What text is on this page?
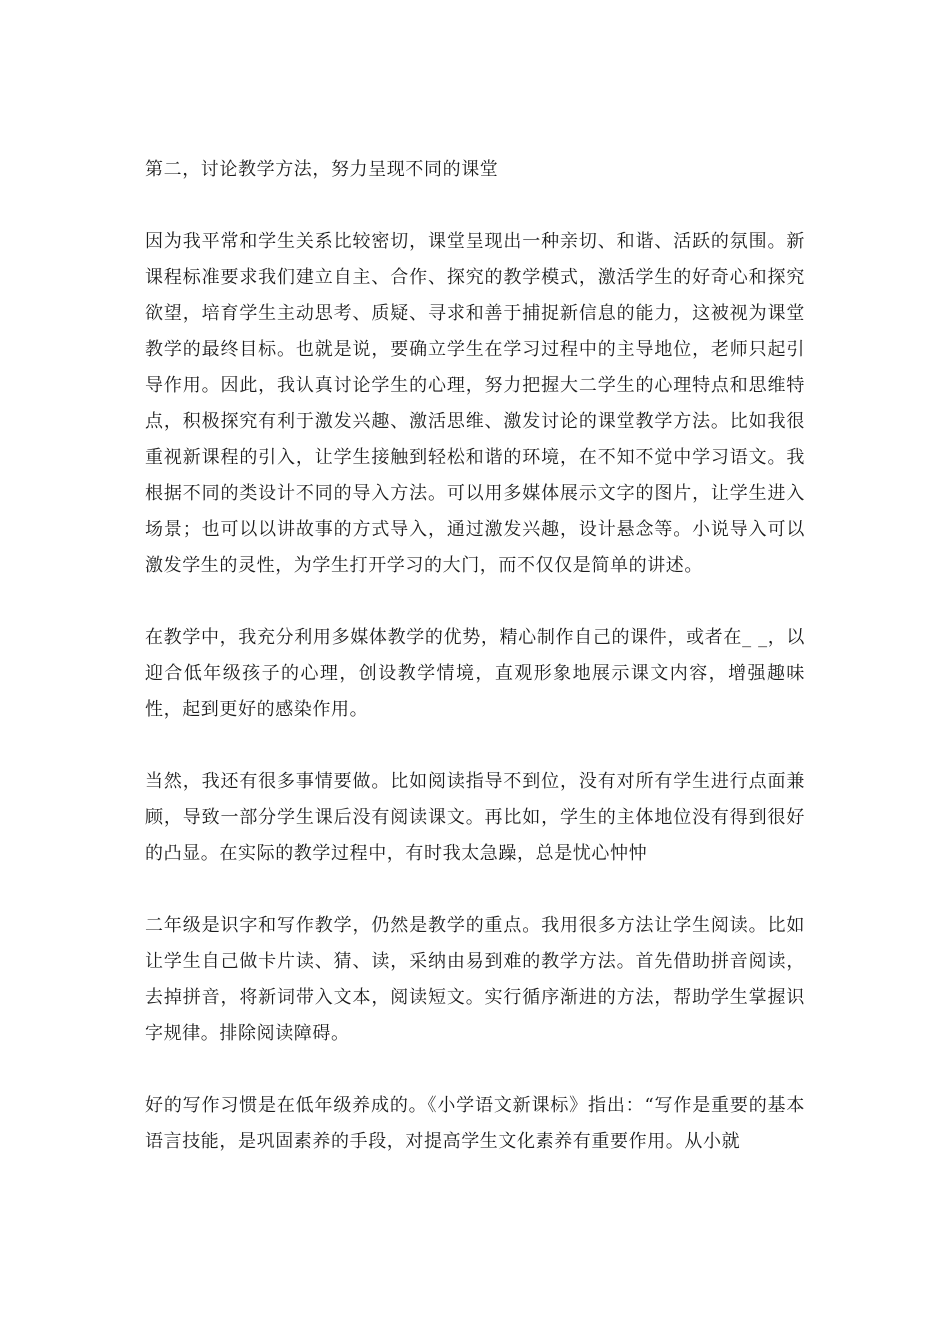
第二，讨论教学方法，努力呈现不同的课堂

因为我平常和学生关系比较密切，课堂呈现出一种亲切、和谐、活跃的氛围。新课程标准要求我们建立自主、合作、探究的教学模式，激活学生的好奇心和探究欲望，培育学生主动思考、质疑、寻求和善于捕捉新信息的能力，这被视为课堂教学的最终目标。也就是说，要确立学生在学习过程中的主导地位，老师只起引导作用。因此，我认真讨论学生的心理，努力把握大二学生的心理特点和思维特点，积极探究有利于激发兴趣、激活思维、激发讨论的课堂教学方法。比如我很重视新课程的引入，让学生接触到轻松和谐的环境，在不知不觉中学习语文。我根据不同的类设计不同的导入方法。可以用多媒体展示文字的图片，让学生进入场景；也可以以讲故事的方式导入，通过激发兴趣，设计悬念等。小说导入可以激发学生的灵性，为学生打开学习的大门，而不仅仅是简单的讲述。

在教学中，我充分利用多媒体教学的优势，精心制作自己的课件，或者在_ _，以迎合低年级孩子的心理，创设教学情境，直观形象地展示课文内容，增强趣味性，起到更好的感染作用。

当然，我还有很多事情要做。比如阅读指导不到位，没有对所有学生进行点面兼顾，导致一部分学生课后没有阅读课文。再比如，学生的主体地位没有得到很好的凸显。在实际的教学过程中，有时我太急躁，总是忧心忡忡

二年级是识字和写作教学，仍然是教学的重点。我用很多方法让学生阅读。比如让学生自己做卡片读、猜、读，采纳由易到难的教学方法。首先借助拼音阅读，去掉拼音，将新词带入文本，阅读短文。实行循序渐进的方法，帮助学生掌握识字规律。排除阅读障碍。

好的写作习惯是在低年级养成的。《小学语文新课标》指出：“写作是重要的基本语言技能，是巩固素养的手段，对提高学生文化素养有重要作用。从小就
